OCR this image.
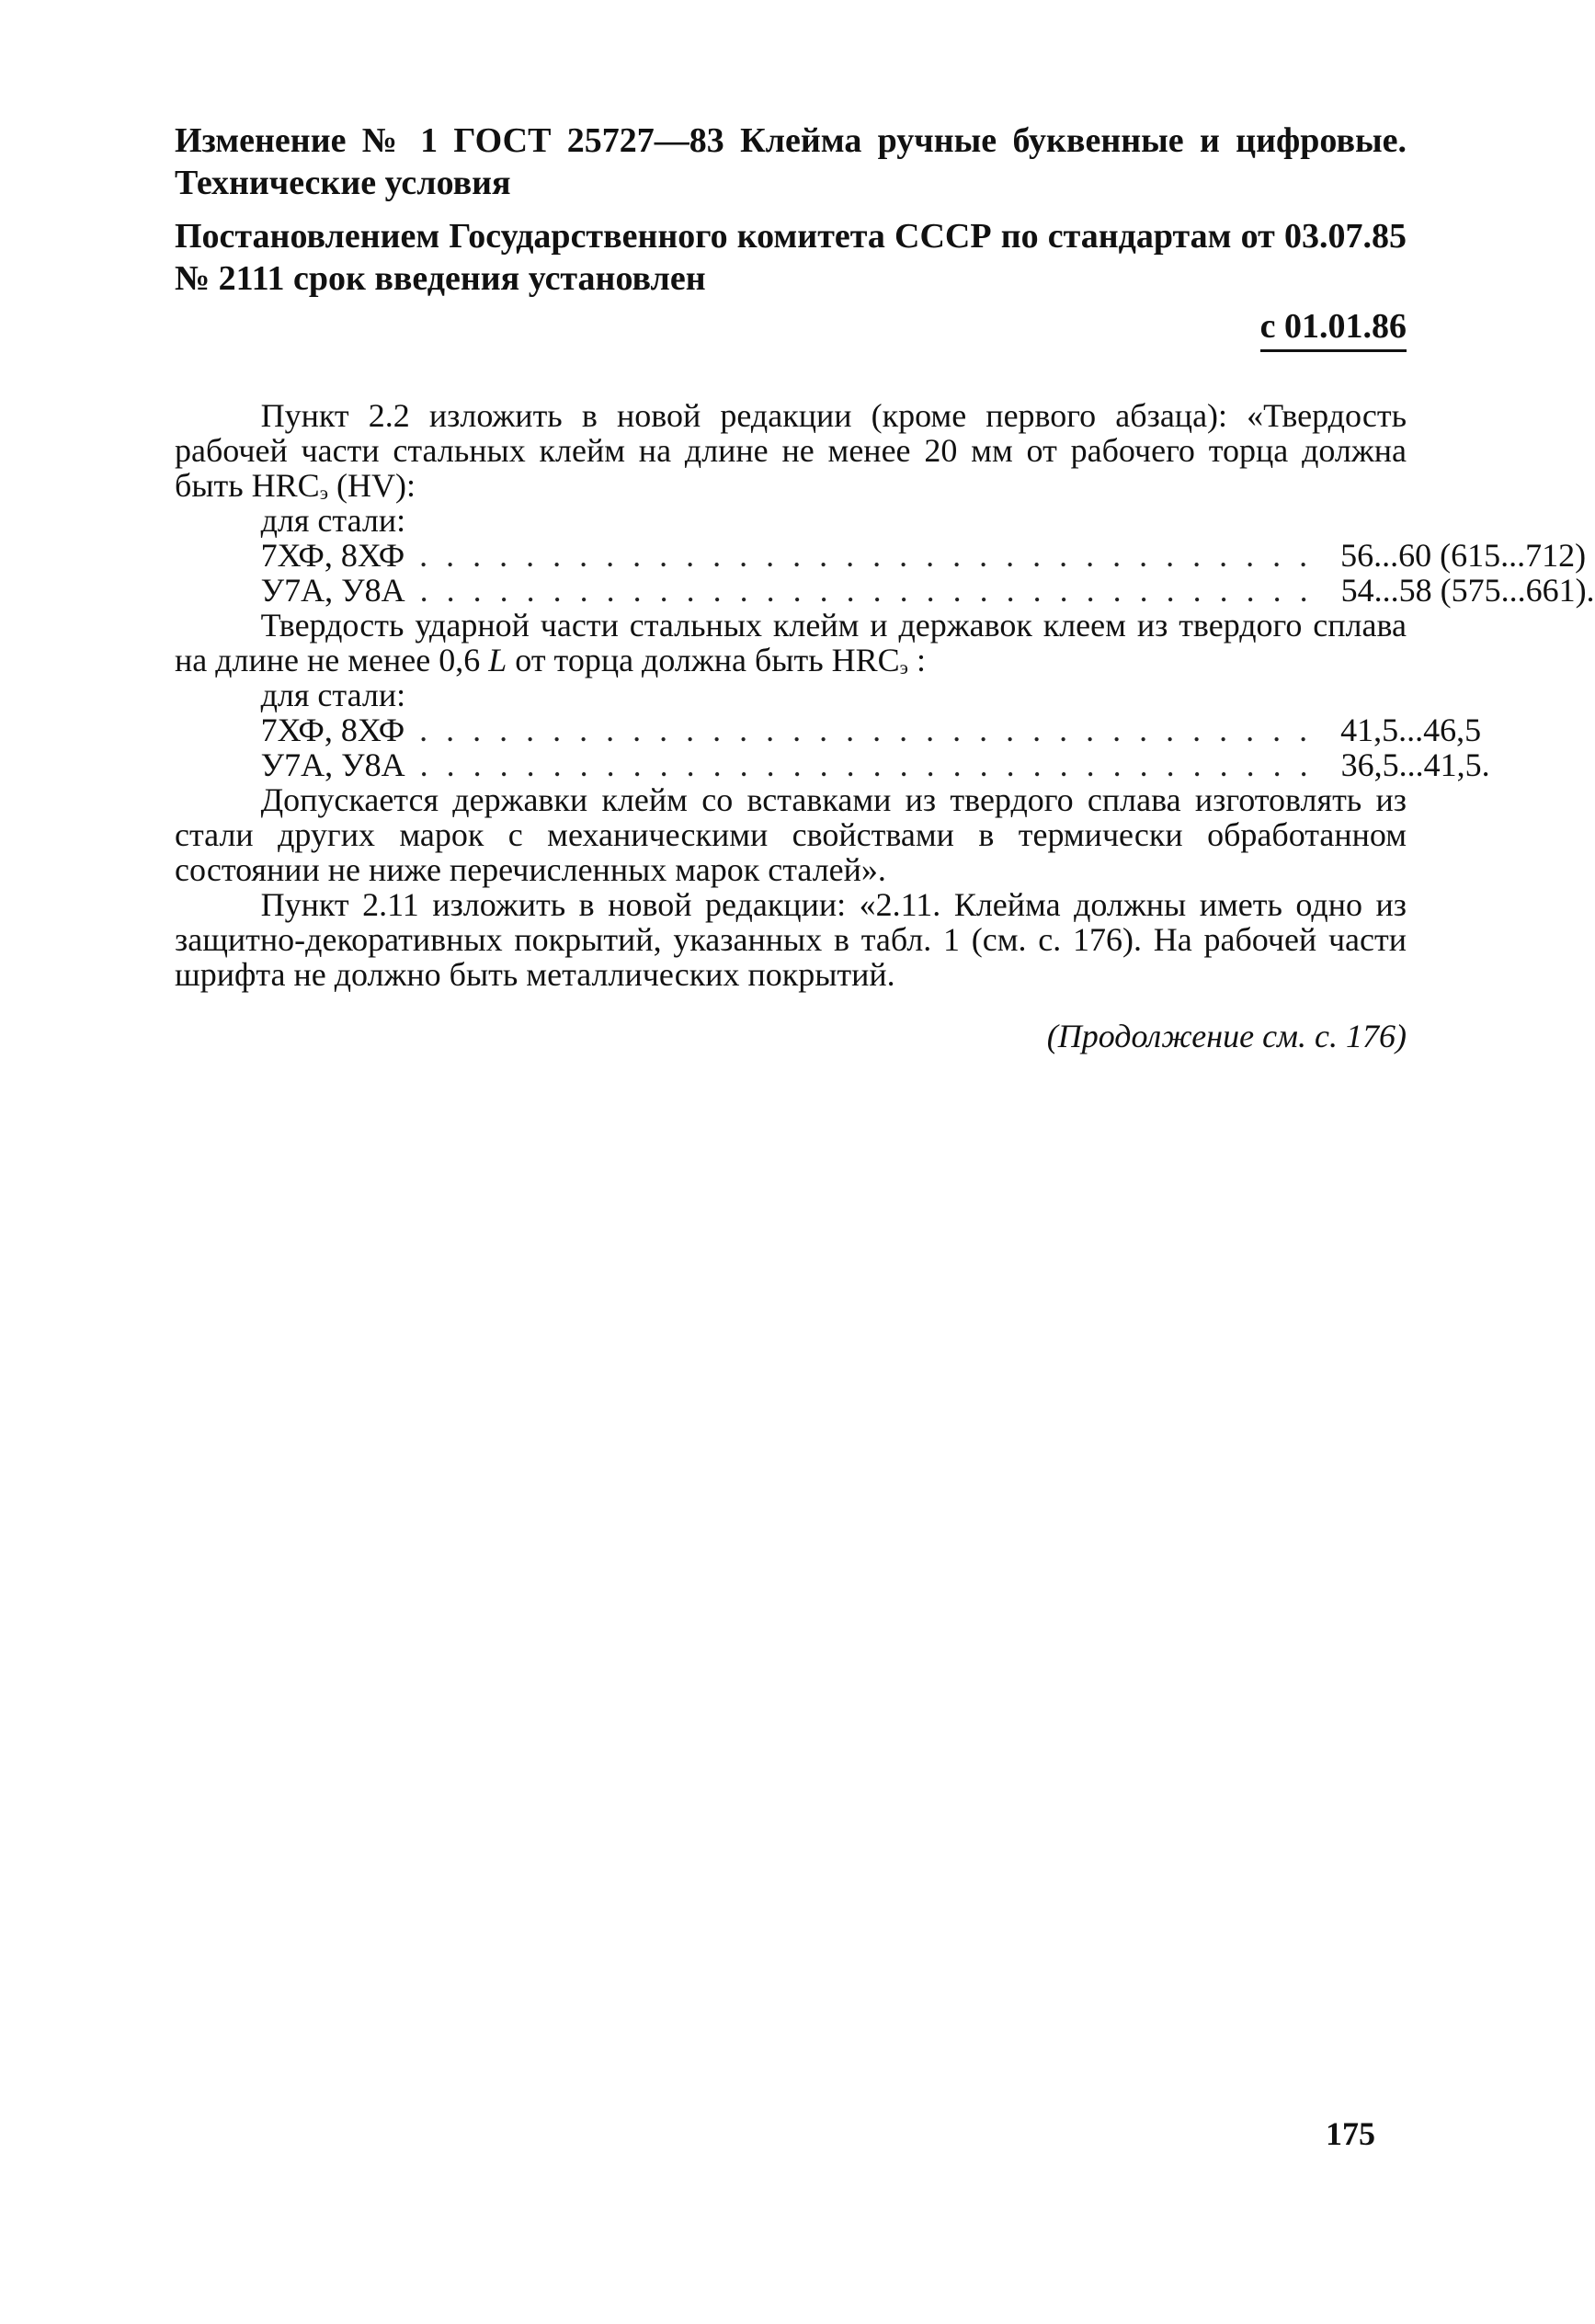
Изменение № 1 ГОСТ 25727—83 Клейма ручные буквенные и цифровые. Технические условия

Постановлением Государственного комитета СССР по стандартам от 03.07.85 № 2111 срок введения установлен
с 01.01.86

Пункт 2.2 изложить в новой редакции (кроме первого абзаца): «Твердость рабочей части стальных клейм на длине не менее 20 мм от рабочего торца должна быть $HRC_э$ (HV):

для стали:

7ХФ, 8ХФ .................................. 56...60 (615...712)
У7А, У8А .................................. 54...58 (575...661).

Твердость ударной части стальных клейм и державок клеем из твердого сплава на длине не менее 0,6 L от торца должна быть $HRC_э$ :

для стали:

7ХФ, 8ХФ .................................. 41,5...46,5
У7А, У8А .................................. 36,5...41,5.

Допускается державки клейм со вставками из твердого сплава изготовлять из стали других марок с механическими свойствами в термически обработанном состоянии не ниже перечисленных марок сталей».

Пункт 2.11 изложить в новой редакции: «2.11. Клейма должны иметь одно из защитно-декоративных покрытий, указанных в табл. 1 (см. с. 176). На рабочей части шрифта не должно быть металлических покрытий.

(Продолжение см. с. 176)
175
